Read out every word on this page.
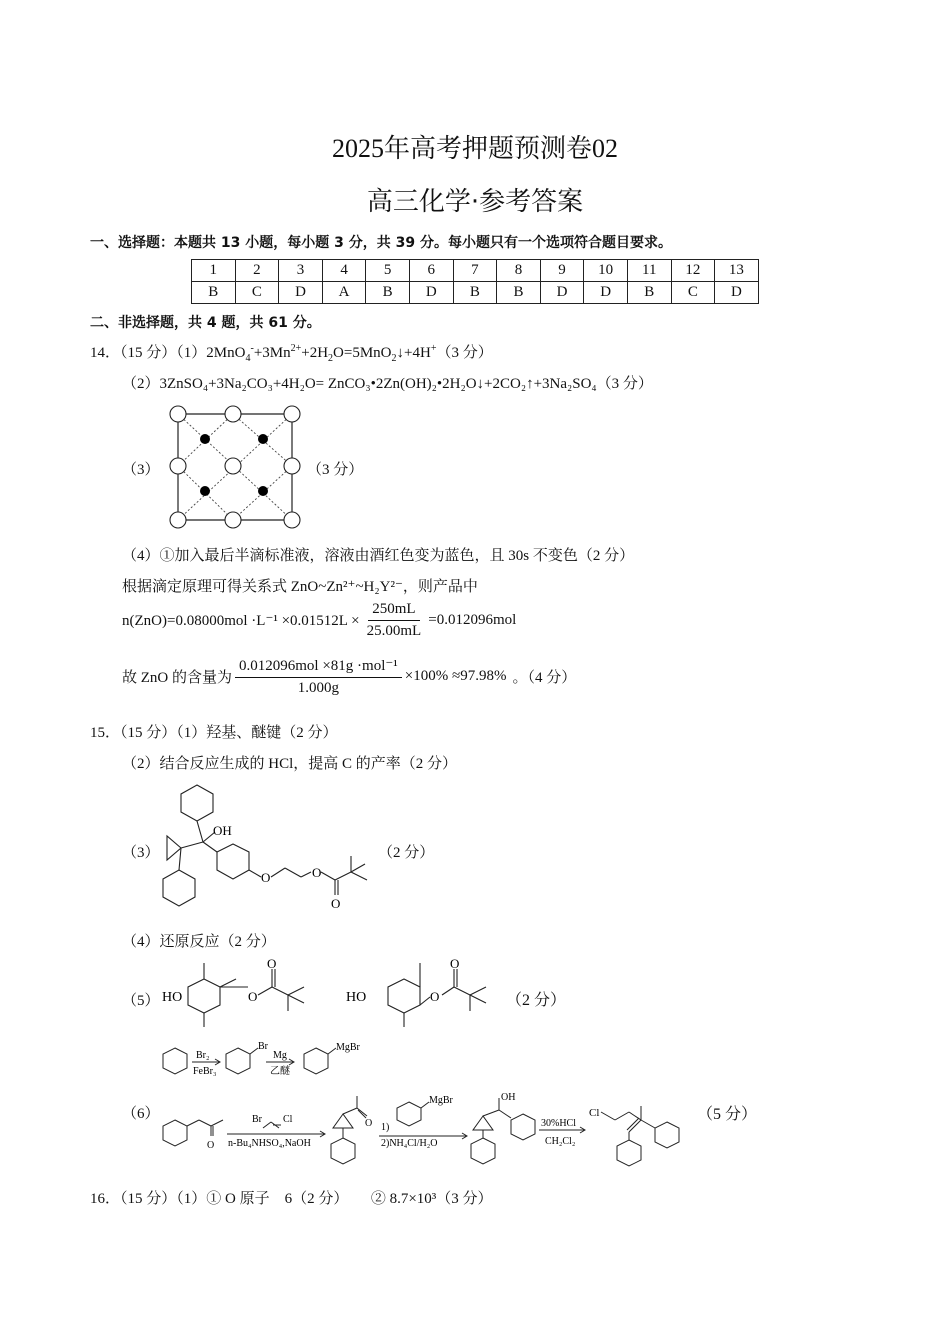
2025年高考押题预测卷02
高三化学·参考答案
一、选择题：本题共 13 小题，每小题 3 分，共 39 分。每小题只有一个选项符合题目要求。
1	2	3	4	5	6	7	8	9	10	11	12	13
B	C	D	A	B	D	B	B	D	D	B	C	D
二、非选择题，共 4 题，共 61 分。
14．（15 分）$(1)2MnO_4^-+3Mn^{2+}+2H_2O=5MnO_2↓+4H^+(3$ 分）
（2）3ZnSO₄+3Na₂CO₃+4H₂O= ZnCO₃•2Zn(OH)₂•2H₂O↓+2CO₂↑+3Na₂SO₄（3 分）
（3）	（3 分）
（4）①加入最后半滴标准液，溶液由酒红色变为蓝色，且 30s 不变色（2 分）
根据滴定原理可得关系式 ZnO~Zn²⁺~H₂Y²⁻，则产品中
$n(ZnO)=0.08000mol \cdot L^{-1} \times 0.01512L \times \frac{250mL}{25.00mL} =0.012096mol$
故 ZnO 的含量为 $\frac{\text{0.012096mol ×81g ·mol⁻¹}}{1.000g} \times 100\% \approx 97.98\%$ 。（4 分）
15．（15 分）（1）羟基、醚键（2 分）
（2）结合反应生成的 HCl，提高 C 的产率（2 分）
（3）
OH
O	O
O
（2 分）
（4）还原反应（2 分）
（5） HO	O
O
HO	O
O
（2 分）
Br₂
FeBr₃
Br
Mg
乙醚
MgBr
（6）
O
Br Cl
n-Bu₄NHSO₄,NaOH
O
MgBr
1)
2)NH₄Cl/H₂O
OH
30%HCl
CH₂Cl₂
Cl	（5 分）
16．（15 分）（1）① O 原子　6（2 分）　　② 8.7×10³（3 分）
